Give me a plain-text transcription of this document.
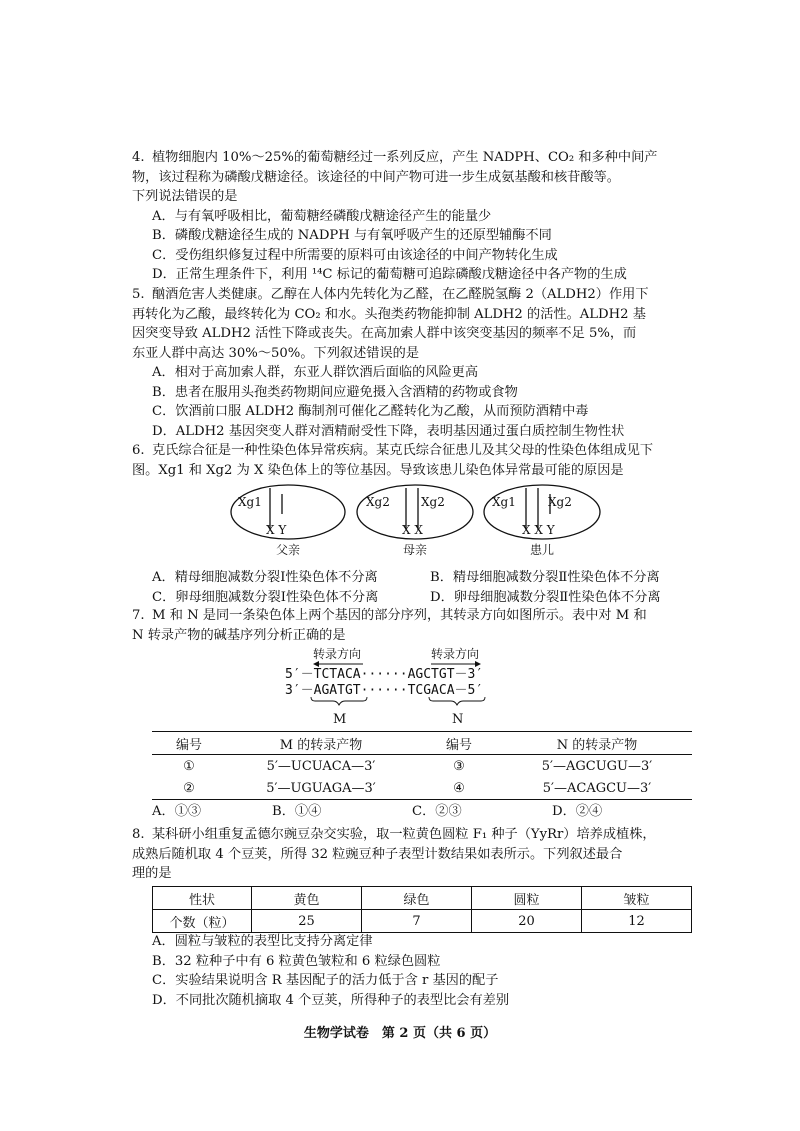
4. 植物细胞内 10%～25%的葡萄糖经过一系列反应，产生 NADPH、CO₂ 和多种中间产
物，该过程称为磷酸戊糖途径。该途径的中间产物可进一步生成氨基酸和核苷酸等。
下列说法错误的是
A．与有氧呼吸相比，葡萄糖经磷酸戊糖途径产生的能量少
B．磷酸戊糖途径生成的 NADPH 与有氧呼吸产生的还原型辅酶不同
C．受伤组织修复过程中所需要的原料可由该途径的中间产物转化生成
D．正常生理条件下，利用 ¹⁴C 标记的葡萄糖可追踪磷酸戊糖途径中各产物的生成
5. 酗酒危害人类健康。乙醇在人体内先转化为乙醛，在乙醛脱氢酶 2（ALDH2）作用下
再转化为乙酸，最终转化为 CO₂ 和水。头孢类药物能抑制 ALDH2 的活性。ALDH2 基
因突变导致 ALDH2 活性下降或丧失。在高加索人群中该突变基因的频率不足 5%，而
东亚人群中高达 30%～50%。下列叙述错误的是
A．相对于高加索人群，东亚人群饮酒后面临的风险更高
B．患者在服用头孢类药物期间应避免摄入含酒精的药物或食物
C．饮酒前口服 ALDH2 酶制剂可催化乙醛转化为乙酸，从而预防酒精中毒
D．ALDH2 基因突变人群对酒精耐受性下降，表明基因通过蛋白质控制生物性状
6. 克氏综合征是一种性染色体异常疾病。某克氏综合征患儿及其父母的性染色体组成见下
图。Xg1 和 Xg2 为 X 染色体上的等位基因。导致该患儿染色体异常最可能的原因是
Xg1
X Y
父亲
Xg2	Xg2
X X
母亲
Xg1	Xg2
X X Y
患儿
A．精母细胞减数分裂Ⅰ性染色体不分离	B．精母细胞减数分裂Ⅱ性染色体不分离
C．卵母细胞减数分裂Ⅰ性染色体不分离	D．卵母细胞减数分裂Ⅱ性染色体不分离
7. M 和 N 是同一条染色体上两个基因的部分序列，其转录方向如图所示。表中对 M 和
N 转录产物的碱基序列分析正确的是
转录方向	转录方向
5′－TCTACA······AGCTGT－3′
3′－AGATGT······TCGACA－5′
M	N
编号	M 的转录产物	编号	N 的转录产物
①	5′—UCUACA—3′	③	5′—AGCUGU—3′
②	5′—UGUAGA—3′	④	5′—ACAGCU—3′
A．①③	B．①④	C．②③	D．②④
8. 某科研小组重复孟德尔豌豆杂交实验，取一粒黄色圆粒 F₁ 种子（YyRr）培养成植株，
成熟后随机取 4 个豆荚，所得 32 粒豌豆种子表型计数结果如表所示。下列叙述最合
理的是
性状	黄色	绿色	圆粒	皱粒
个数（粒）	25	7	20	12
A．圆粒与皱粒的表型比支持分离定律
B．32 粒种子中有 6 粒黄色皱粒和 6 粒绿色圆粒
C．实验结果说明含 R 基因配子的活力低于含 r 基因的配子
D．不同批次随机摘取 4 个豆荚，所得种子的表型比会有差别
生物学试卷　第 2 页（共 6 页）
